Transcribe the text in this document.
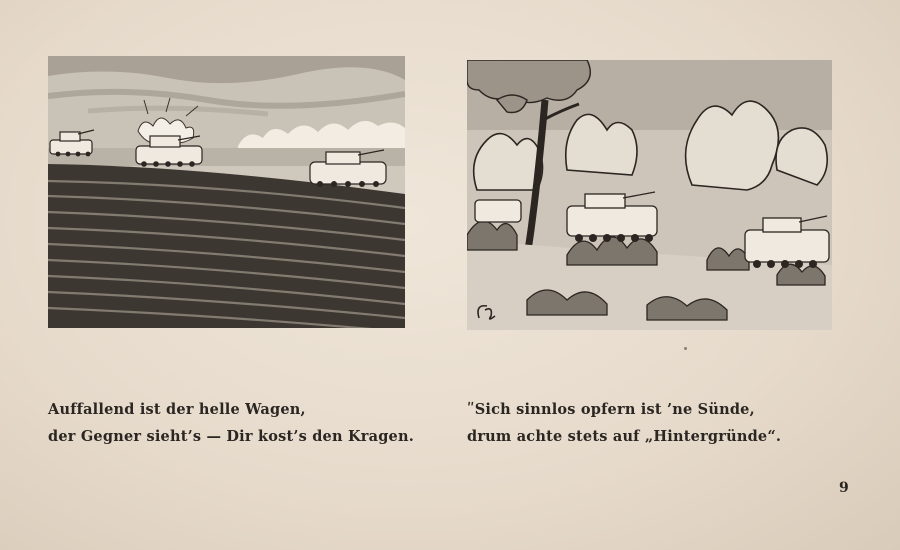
Auffallend ist der helle Wagen,
der Gegner sieht’s — Dir kost’s den Kragen.
ʺSich sinnlos opfern ist ’ne Sünde,
drum achte stets auf „Hintergründe“.
9
